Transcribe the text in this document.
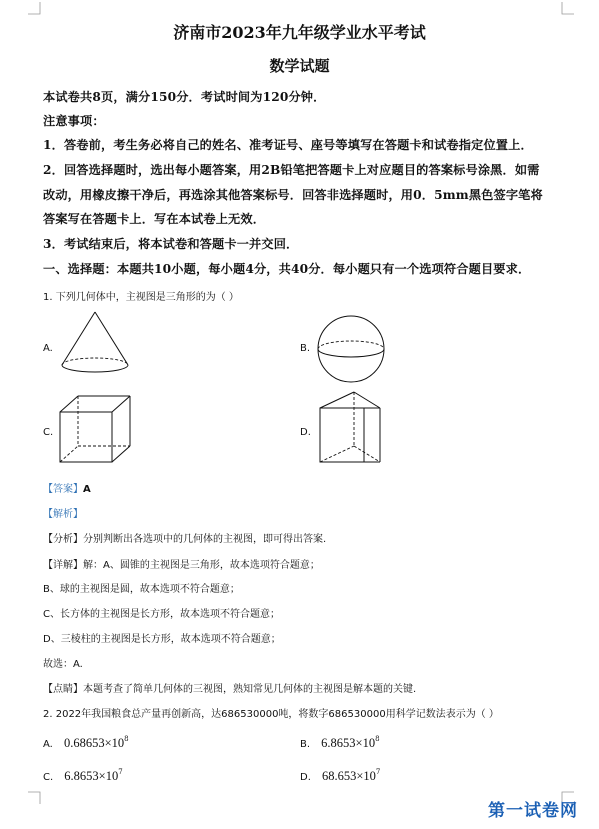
济南市2023年九年级学业水平考试
数学试题
本试卷共8页，满分150分．考试时间为120分钟．
注意事项：
1．答卷前，考生务必将自己的姓名、准考证号、座号等填写在答题卡和试卷指定位置上．
2．回答选择题时，选出每小题答案，用2B铅笔把答题卡上对应题目的答案标号涂黑．如需
改动，用橡皮擦干净后，再选涂其他答案标号．回答非选择题时，用0．5mm黑色签字笔将
答案写在答题卡上．写在本试卷上无效．
3．考试结束后，将本试卷和答题卡一并交回．
一、选择题：本题共10小题，每小题4分，共40分．每小题只有一个选项符合题目要求．
1. 下列几何体中，主视图是三角形的为（ ）
A.	B.
C.	D.
【答案】A
【解析】
【分析】分别判断出各选项中的几何体的主视图，即可得出答案.
【详解】解：A、圆锥的主视图是三角形，故本选项符合题意；
B、球的主视图是圆，故本选项不符合题意；
C、长方体的主视图是长方形，故本选项不符合题意；
D、三棱柱的主视图是长方形，故本选项不符合题意；
故选：A.
【点睛】本题考查了简单几何体的三视图，熟知常见几何体的主视图是解本题的关键.
2. 2022年我国粮食总产量再创新高，达686530000吨，将数字686530000用科学记数法表示为（ ）
A. $0.68653\times 10^8$	B. $6.8653\times 10^8$
C. $6.8653\times 10^7$	D. $68.653\times 10^7$
第一试卷网
